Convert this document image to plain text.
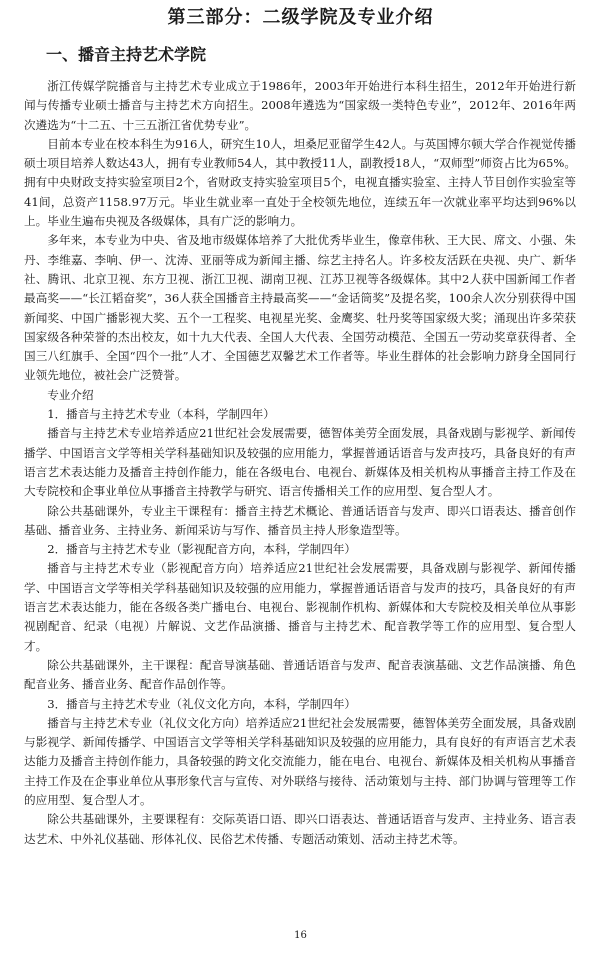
第三部分：二级学院及专业介绍
一、播音主持艺术学院

浙江传媒学院播音与主持艺术专业成立于1986年，2003年开始进行本科生招生，2012年开始进行新闻与传播专业硕士播音与主持艺术方向招生。2008年遴选为“国家级一类特色专业”，2012年、2016年两次遴选为“十二五、十三五浙江省优势专业”。

目前本专业在校本科生为916人，研究生10人，坦桑尼亚留学生42人。与英国博尔顿大学合作视觉传播硕士项目培养人数达43人，拥有专业教师54人，其中教授11人，副教授18人，“双师型”师资占比为65%。拥有中央财政支持实验室项目2个，省财政支持实验室项目5个，电视直播实验室、主持人节目创作实验室等41间，总资产1158.97万元。毕业生就业率一直处于全校领先地位，连续五年一次就业率平均达到96%以上。毕业生遍布央视及各级媒体，具有广泛的影响力。

多年来，本专业为中央、省及地市级媒体培养了大批优秀毕业生，像章伟秋、王大民、席文、小强、朱丹、李维嘉、李响、伊一、沈涛、亚丽等成为新闻主播、综艺主持名人。许多校友活跃在央视、央广、新华社、腾讯、北京卫视、东方卫视、浙江卫视、湖南卫视、江苏卫视等各级媒体。其中2人获中国新闻工作者最高奖——“长江韬奋奖”，36人获全国播音主持最高奖——“金话筒奖”及提名奖，100余人次分别获得中国新闻奖、中国广播影视大奖、五个一工程奖、电视星光奖、金鹰奖、牡丹奖等国家级大奖；涌现出许多荣获国家级各种荣誉的杰出校友，如十九大代表、全国人大代表、全国劳动模范、全国五一劳动奖章获得者、全国三八红旗手、全国“四个一批”人才、全国德艺双馨艺术工作者等。毕业生群体的社会影响力跻身全国同行业领先地位，被社会广泛赞誉。

专业介绍

1．播音与主持艺术专业（本科，学制四年）

播音与主持艺术专业培养适应21世纪社会发展需要，德智体美劳全面发展，具备戏剧与影视学、新闻传播学、中国语言文学等相关学科基础知识及较强的应用能力，掌握普通话语音与发声技巧，具备良好的有声语言艺术表达能力及播音主持创作能力，能在各级电台、电视台、新媒体及相关机构从事播音主持工作及在大专院校和企事业单位从事播音主持教学与研究、语言传播相关工作的应用型、复合型人才。

除公共基础课外，专业主干课程有：播音主持艺术概论、普通话语音与发声、即兴口语表达、播音创作基础、播音业务、主持业务、新闻采访与写作、播音员主持人形象造型等。

2．播音与主持艺术专业（影视配音方向，本科，学制四年）

播音与主持艺术专业（影视配音方向）培养适应21世纪社会发展需要，具备戏剧与影视学、新闻传播学、中国语言文学等相关学科基础知识及较强的应用能力，掌握普通话语音与发声的技巧，具备良好的有声语言艺术表达能力，能在各级各类广播电台、电视台、影视制作机构、新媒体和大专院校及相关单位从事影视剧配音、纪录（电视）片解说、文艺作品演播、播音与主持艺术、配音教学等工作的应用型、复合型人才。

除公共基础课外，主干课程：配音导演基础、普通话语音与发声、配音表演基础、文艺作品演播、角色配音业务、播音业务、配音作品创作等。

3．播音与主持艺术专业（礼仪文化方向，本科，学制四年）

播音与主持艺术专业（礼仪文化方向）培养适应21世纪社会发展需要，德智体美劳全面发展，具备戏剧与影视学、新闻传播学、中国语言文学等相关学科基础知识及较强的应用能力，具有良好的有声语言艺术表达能力及播音主持创作能力，具备较强的跨文化交流能力，能在电台、电视台、新媒体及相关机构从事播音主持工作及在企事业单位从事形象代言与宣传、对外联络与接待、活动策划与主持、部门协调与管理等工作的应用型、复合型人才。

除公共基础课外，主要课程有：交际英语口语、即兴口语表达、普通话语音与发声、主持业务、语言表达艺术、中外礼仪基础、形体礼仪、民俗艺术传播、专题活动策划、活动主持艺术等。

16
